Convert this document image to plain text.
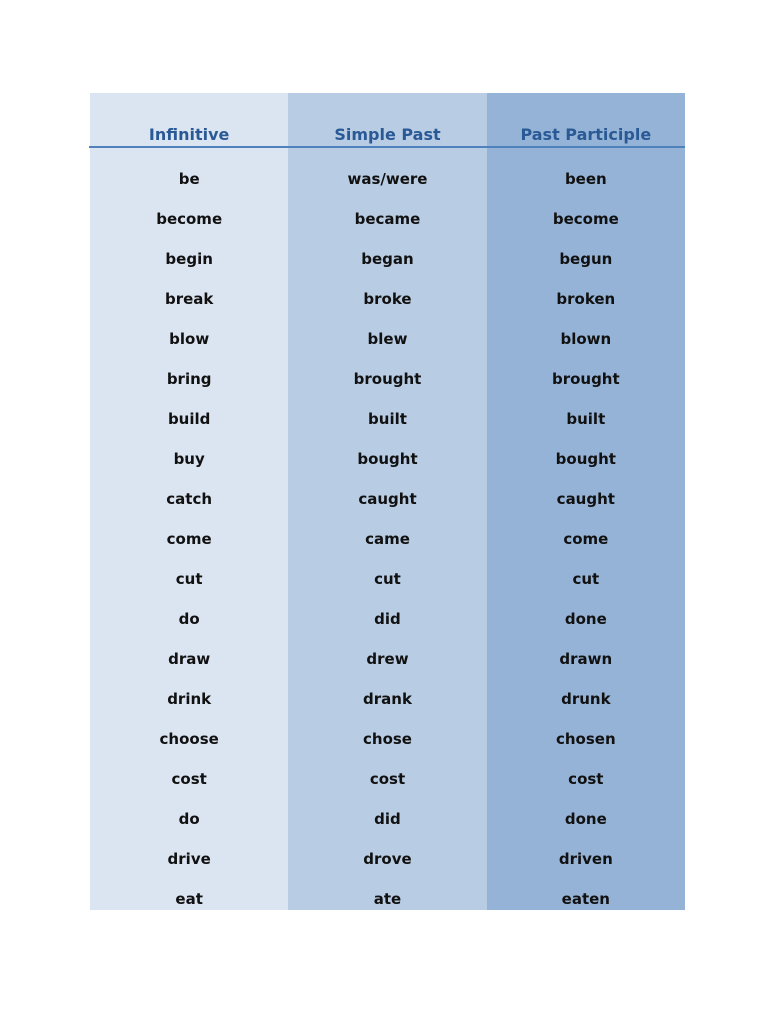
Infinitive
be
become
begin
break
blow
bring
build
buy
catch
come
cut
do
draw
drink
choose
cost
do
drive
eat
Simple Past
was/were
became
began
broke
blew
brought
built
bought
caught
came
cut
did
drew
drank
chose
cost
did
drove
ate
Past Participle
been
become
begun
broken
blown
brought
built
bought
caught
come
cut
done
drawn
drunk
chosen
cost
done
driven
eaten
